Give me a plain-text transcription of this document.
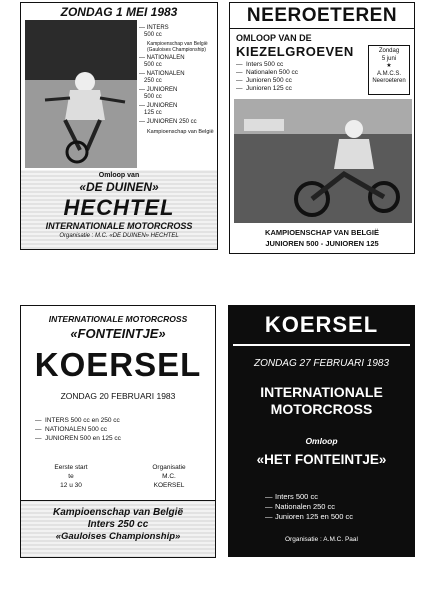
ZONDAG 1 MEI 1983
— INTERS
500 cc
Kampioenschap van België (Gauloises Championship)
— NATIONALEN
500 cc
— NATIONALEN
250 cc
— JUNIOREN
500 cc
— JUNIOREN
125 cc
— JUNIOREN 250 cc
Kampioenschap van België
Omloop van
«DE DUINEN»
HECHTEL
INTERNATIONALE MOTORCROSS
Organisatie : M.C. «DE DUINEN» HECHTEL
NEEROETEREN
OMLOOP VAN DE
KIEZELGROEVEN
— Inters 500 cc
— Nationalen 500 cc
— Junioren 500 cc
— Junioren 125 cc
Zondag
5 juni
★
A.M.C.S.
Neeroeteren
KAMPIOENSCHAP VAN BELGIË
JUNIOREN 500 - JUNIOREN 125
INTERNATIONALE MOTORCROSS
«FONTEINTJE»
KOERSEL
ZONDAG 20 FEBRUARI 1983
— INTERS 500 cc en 250 cc
— NATIONALEN 500 cc
— JUNIOREN 500 en 125 cc
Eerste start
te
12 u 30
Organisatie
M.C.
KOERSEL
Kampioenschap van België
Inters 250 cc
«Gauloises Championship»
KOERSEL
ZONDAG 27 FEBRUARI 1983
INTERNATIONALE
MOTORCROSS
Omloop
«HET FONTEINTJE»
— Inters 500 cc
— Nationalen 250 cc
— Junioren 125 en 500 cc
Organisatie : A.M.C. Paal
